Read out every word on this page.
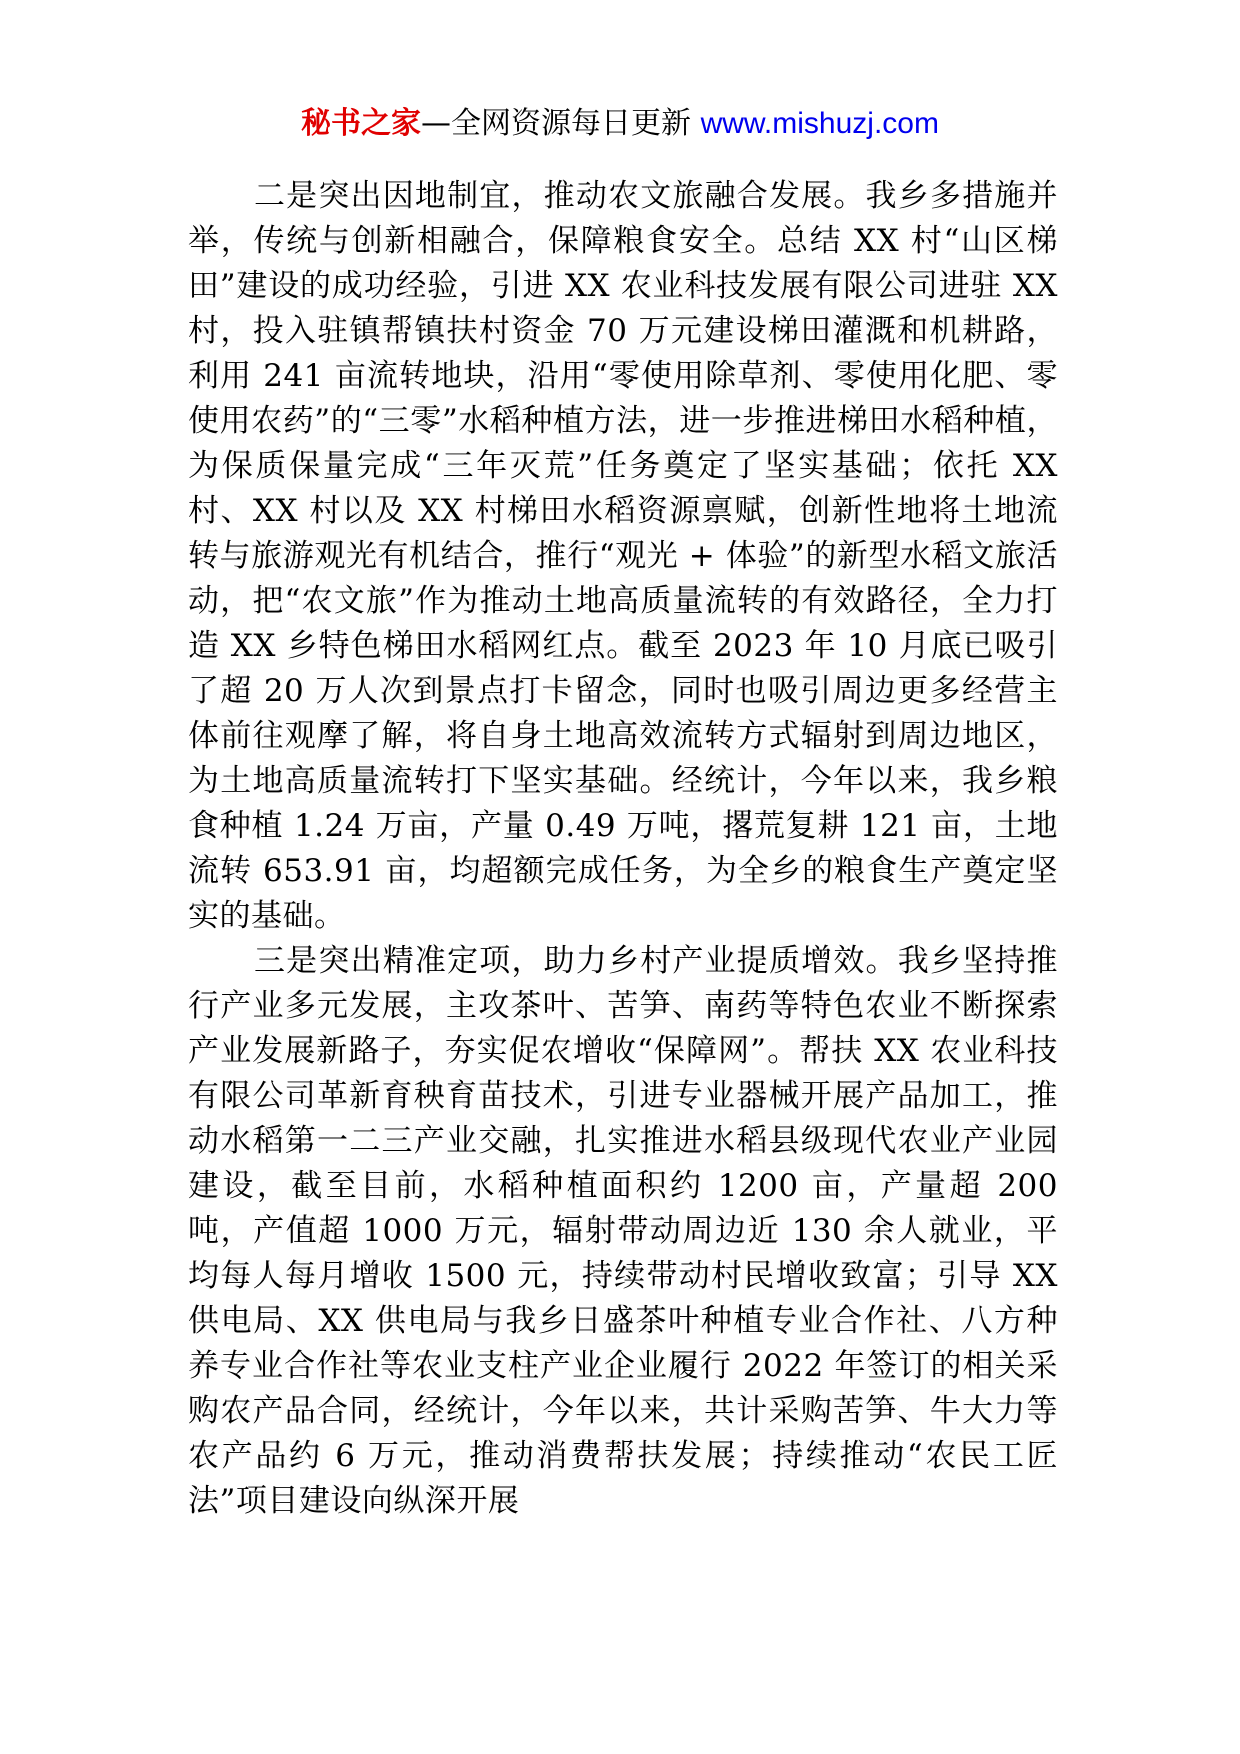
秘书之家—全网资源每日更新 www.mishuzj.com

二是突出因地制宜，推动农文旅融合发展。我乡多措施并举，传统与创新相融合，保障粮食安全。总结 XX 村“山区梯田”建设的成功经验，引进 XX 农业科技发展有限公司进驻 XX 村，投入驻镇帮镇扶村资金 70 万元建设梯田灌溉和机耕路，利用 241 亩流转地块，沿用“零使用除草剂、零使用化肥、零使用农药”的“三零”水稻种植方法，进一步推进梯田水稻种植，为保质保量完成“三年灭荒”任务奠定了坚实基础；依托 XX 村、XX 村以及 XX 村梯田水稻资源禀赋，创新性地将土地流转与旅游观光有机结合，推行“观光 + 体验”的新型水稻文旅活动，把“农文旅”作为推动土地高质量流转的有效路径，全力打造 XX 乡特色梯田水稻网红点。截至 2023 年 10 月底已吸引了超 20 万人次到景点打卡留念，同时也吸引周边更多经营主体前往观摩了解，将自身土地高效流转方式辐射到周边地区，为土地高质量流转打下坚实基础。经统计，今年以来，我乡粮食种植 1.24 万亩，产量 0.49 万吨，撂荒复耕 121 亩，土地流转 653.91 亩，均超额完成任务，为全乡的粮食生产奠定坚实的基础。

三是突出精准定项，助力乡村产业提质增效。我乡坚持推行产业多元发展，主攻茶叶、苦笋、南药等特色农业不断探索产业发展新路子，夯实促农增收“保障网”。帮扶 XX 农业科技有限公司革新育秧育苗技术，引进专业器械开展产品加工，推动水稻第一二三产业交融，扎实推进水稻县级现代农业产业园建设，截至目前，水稻种植面积约 1200 亩，产量超 200 吨，产值超 1000 万元，辐射带动周边近 130 余人就业，平均每人每月增收 1500 元，持续带动村民增收致富；引导 XX 供电局、XX 供电局与我乡日盛茶叶种植专业合作社、八方种养专业合作社等农业支柱产业企业履行 2022 年签订的相关采购农产品合同，经统计，今年以来，共计采购苦笋、牛大力等农产品约 6 万元，推动消费帮扶发展；持续推动“农民工匠法”项目建设向纵深开展
